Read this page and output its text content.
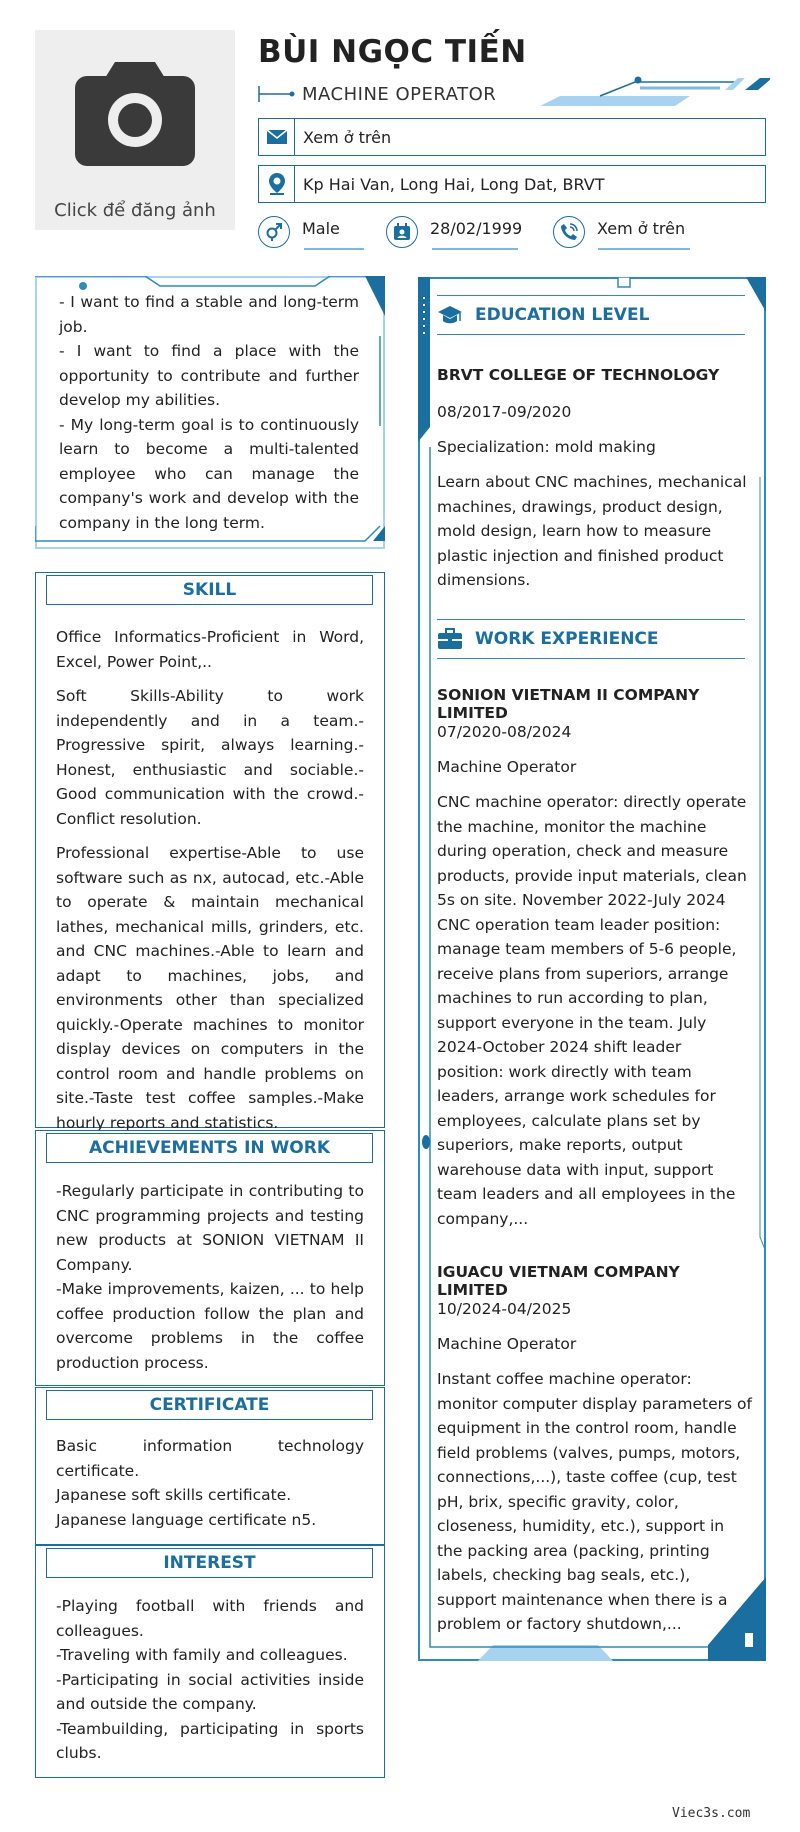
Click để đăng ảnh
BÙI NGỌC TIẾN
MACHINE OPERATOR
Xem ở trên
Kp Hai Van, Long Hai, Long Dat, BRVT
Male	28/02/1999	Xem ở trên
- I want to find a stable and long-term job.
- I want to find a place with the opportunity to contribute and further develop my abilities.
- My long-term goal is to continuously learn to become a multi-talented employee who can manage the company's work and develop with the company in the long term.
SKILL

Office Informatics-Proficient in Word, Excel, Power Point,..

Soft Skills-Ability to work independently and in a team.-Progressive spirit, always learning.-Honest, enthusiastic and sociable.-Good communication with the crowd.-Conflict resolution.

Professional expertise-Able to use software such as nx, autocad, etc.-Able to operate & maintain mechanical lathes, mechanical mills, grinders, etc. and CNC machines.-Able to learn and adapt to machines, jobs, and environments other than specialized quickly.-Operate machines to monitor display devices on computers in the control room and handle problems on site.-Taste test coffee samples.-Make hourly reports and statistics.

ACHIEVEMENTS IN WORK
-Regularly participate in contributing to CNC programming projects and testing new products at SONION VIETNAM II Company.
-Make improvements, kaizen, ... to help coffee production follow the plan and overcome problems in the coffee production process.
CERTIFICATE
Basic information technology certificate.
Japanese soft skills certificate.
Japanese language certificate n5.
INTEREST
-Playing football with friends and colleagues.
-Traveling with family and colleagues.
-Participating in social activities inside and outside the company.
-Teambuilding, participating in sports clubs.
EDUCATION LEVEL
BRVT COLLEGE OF TECHNOLOGY
08/2017-09/2020
Specialization: mold making
Learn about CNC machines, mechanical machines, drawings, product design, mold design, learn how to measure plastic injection and finished product dimensions.
WORK EXPERIENCE
SONION VIETNAM II COMPANY LIMITED
07/2020-08/2024
Machine Operator
CNC machine operator: directly operate the machine, monitor the machine during operation, check and measure products, provide input materials, clean 5s on site. November 2022-July 2024 CNC operation team leader position: manage team members of 5-6 people, receive plans from superiors, arrange machines to run according to plan, support everyone in the team. July 2024-October 2024 shift leader position: work directly with team leaders, arrange work schedules for employees, calculate plans set by superiors, make reports, output warehouse data with input, support team leaders and all employees in the company,...
IGUACU VIETNAM COMPANY LIMITED
10/2024-04/2025
Machine Operator
Instant coffee machine operator: monitor computer display parameters of equipment in the control room, handle field problems (valves, pumps, motors, connections,...), taste coffee (cup, test pH, brix, specific gravity, color, closeness, humidity, etc.), support in the packing area (packing, printing labels, checking bag seals, etc.), support maintenance when there is a problem or factory shutdown,...
Viec3s.com
